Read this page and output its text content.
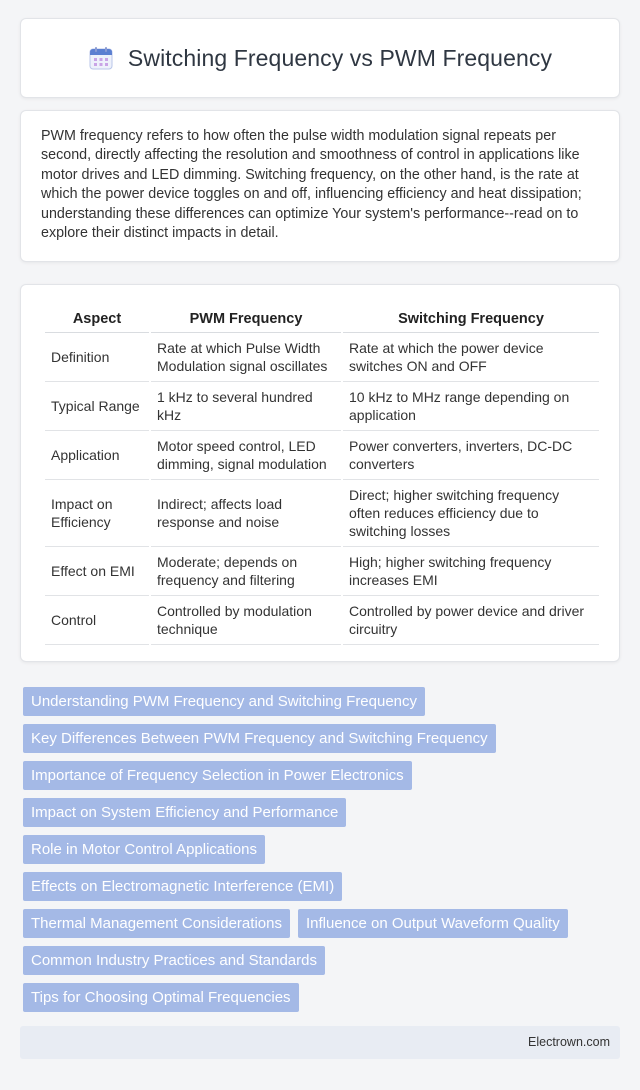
Switching Frequency vs PWM Frequency

PWM frequency refers to how often the pulse width modulation signal repeats per second, directly affecting the resolution and smoothness of control in applications like motor drives and LED dimming. Switching frequency, on the other hand, is the rate at which the power device toggles on and off, influencing efficiency and heat dissipation; understanding these differences can optimize Your system's performance--read on to explore their distinct impacts in detail.

Aspect	PWM Frequency	Switching Frequency
Definition	Rate at which Pulse Width Modulation signal oscillates	Rate at which the power device switches ON and OFF
Typical Range	1 kHz to several hundred kHz	10 kHz to MHz range depending on application
Application	Motor speed control, LED dimming, signal modulation	Power converters, inverters, DC-DC converters
Impact on Efficiency	Indirect; affects load response and noise	Direct; higher switching frequency often reduces efficiency due to switching losses
Effect on EMI	Moderate; depends on frequency and filtering	High; higher switching frequency increases EMI
Control	Controlled by modulation technique	Controlled by power device and driver circuitry
Understanding PWM Frequency and Switching Frequency
Key Differences Between PWM Frequency and Switching Frequency
Importance of Frequency Selection in Power Electronics
Impact on System Efficiency and Performance
Role in Motor Control Applications
Effects on Electromagnetic Interference (EMI)
Thermal Management Considerations	Influence on Output Waveform Quality
Common Industry Practices and Standards
Tips for Choosing Optimal Frequencies
Electrown.com
